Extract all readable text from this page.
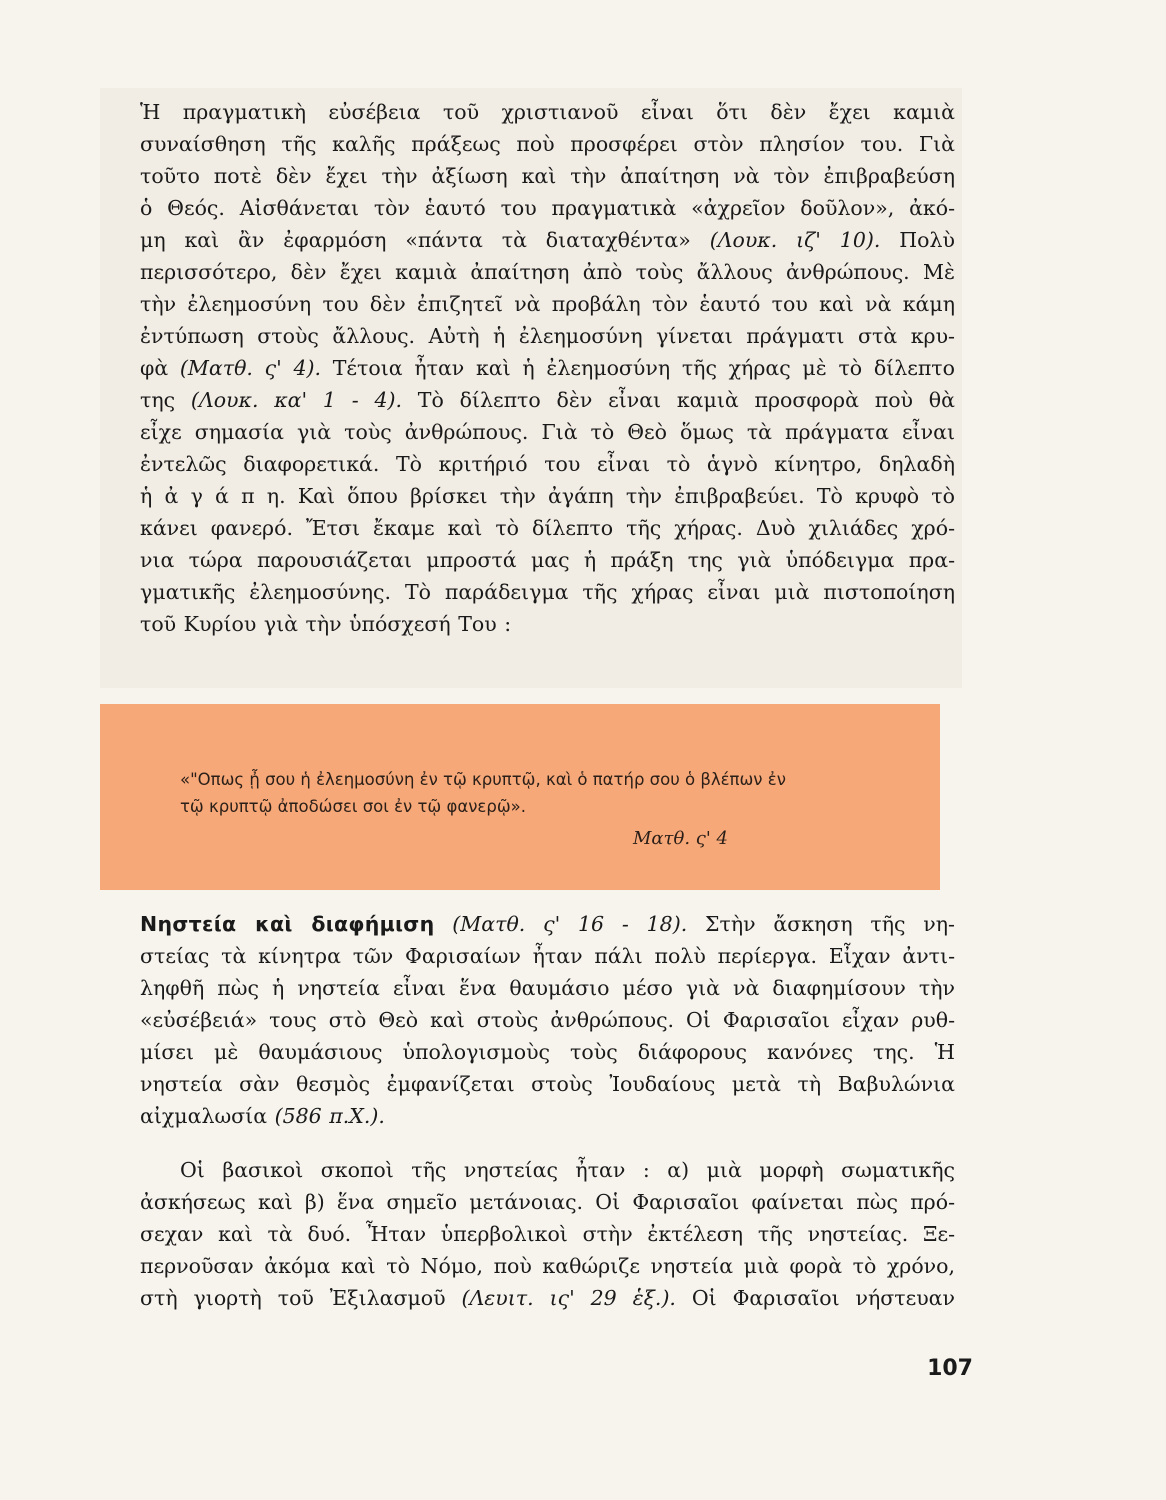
Ἡ πραγματικὴ εὐσέβεια τοῦ χριστιανοῦ εἶναι ὅτι δὲν ἔχει καμιὰ
συναίσθηση τῆς καλῆς πράξεως ποὺ προσφέρει στὸν πλησίον του. Γιὰ
τοῦτο ποτὲ δὲν ἔχει τὴν ἀξίωση καὶ τὴν ἀπαίτηση νὰ τὸν ἐπιβραβεύση
ὁ Θεός. Αἰσθάνεται τὸν ἑαυτό του πραγματικὰ «ἀχρεῖον δοῦλον», ἀκό-
μη καὶ ἂν ἐφαρμόση «πάντα τὰ διαταχθέντα» (Λουκ. ιζ' 10). Πολὺ
περισσότερο, δὲν ἔχει καμιὰ ἀπαίτηση ἀπὸ τοὺς ἄλλους ἀνθρώπους. Μὲ
τὴν ἐλεημοσύνη του δὲν ἐπιζητεῖ νὰ προβάλη τὸν ἑαυτό του καὶ νὰ κάμη
ἐντύπωση στοὺς ἄλλους. Αὐτὴ ἡ ἐλεημοσύνη γίνεται πράγματι στὰ κρυ-
φὰ (Ματθ. ς' 4). Τέτοια ἦταν καὶ ἡ ἐλεημοσύνη τῆς χήρας μὲ τὸ δίλεπτο
της (Λουκ. κα' 1 - 4). Τὸ δίλεπτο δὲν εἶναι καμιὰ προσφορὰ ποὺ θὰ
εἶχε σημασία γιὰ τοὺς ἀνθρώπους. Γιὰ τὸ Θεὸ ὅμως τὰ πράγματα εἶναι
ἐντελῶς διαφορετικά. Τὸ κριτήριό του εἶναι τὸ ἁγνὸ κίνητρο, δηλαδὴ
ἡ ἀ γ ά π η. Καὶ ὅπου βρίσκει τὴν ἀγάπη τὴν ἐπιβραβεύει. Τὸ κρυφὸ τὸ
κάνει φανερό. Ἔτσι ἔκαμε καὶ τὸ δίλεπτο τῆς χήρας. Δυὸ χιλιάδες χρό-
νια τώρα παρουσιάζεται μπροστά μας ἡ πράξη της γιὰ ὑπόδειγμα πρα-
γματικῆς ἐλεημοσύνης. Τὸ παράδειγμα τῆς χήρας εἶναι μιὰ πιστοποίηση
τοῦ Κυρίου γιὰ τὴν ὑπόσχεσή Του :

«"Οπως ᾖ σου ἡ ἐλεημοσύνη ἐν τῷ κρυπτῷ, καὶ ὁ πατήρ σου ὁ βλέπων ἐν
τῷ κρυπτῷ ἀποδώσει σοι ἐν τῷ φανερῷ».
Ματθ. ς' 4

Νηστεία καὶ διαφήμιση (Ματθ. ς' 16 - 18). Στὴν ἄσκηση τῆς νη-
στείας τὰ κίνητρα τῶν Φαρισαίων ἦταν πάλι πολὺ περίεργα. Εἶχαν ἀντι-
ληφθῆ πὼς ἡ νηστεία εἶναι ἕνα θαυμάσιο μέσο γιὰ νὰ διαφημίσουν τὴν
«εὐσέβειά» τους στὸ Θεὸ καὶ στοὺς ἀνθρώπους. Οἱ Φαρισαῖοι εἶχαν ρυθ-
μίσει μὲ θαυμάσιους ὑπολογισμοὺς τοὺς διάφορους κανόνες της. Ἡ
νηστεία σὰν θεσμὸς ἐμφανίζεται στοὺς Ἰουδαίους μετὰ τὴ Βαβυλώνια
αἰχμαλωσία (586 π.Χ.).

Οἱ βασικοὶ σκοποὶ τῆς νηστείας ἦταν : α) μιὰ μορφὴ σωματικῆς
ἀσκήσεως καὶ β) ἕνα σημεῖο μετάνοιας. Οἱ Φαρισαῖοι φαίνεται πὼς πρό-
σεχαν καὶ τὰ δυό. Ἦταν ὑπερβολικοὶ στὴν ἐκτέλεση τῆς νηστείας. Ξε-
περνοῦσαν ἀκόμα καὶ τὸ Νόμο, ποὺ καθώριζε νηστεία μιὰ φορὰ τὸ χρόνο,
στὴ γιορτὴ τοῦ Ἐξιλασμοῦ (Λευιτ. ις' 29 ἑξ.). Οἱ Φαρισαῖοι νήστευαν

107
